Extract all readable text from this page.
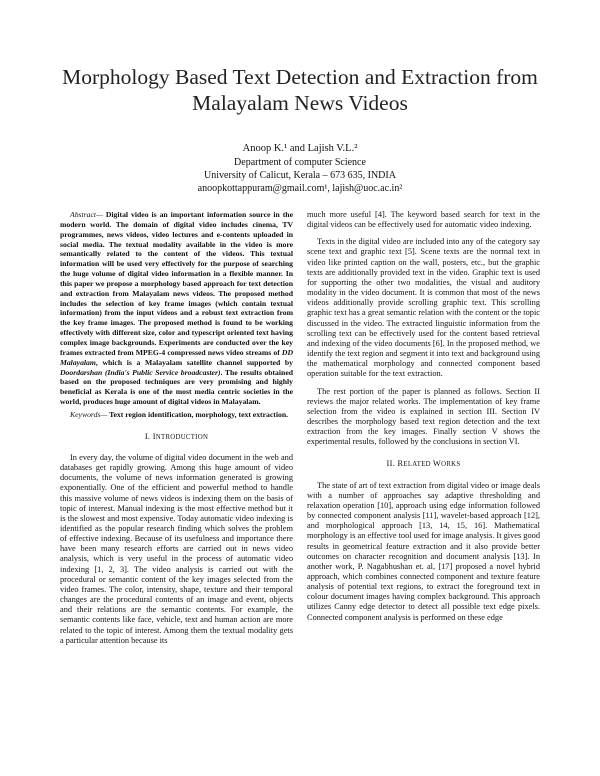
Morphology Based Text Detection and Extraction from Malayalam News Videos
Anoop K.¹ and Lajish V.L.²
Department of computer Science
University of Calicut, Kerala – 673 635, INDIA
anoopkottappuram@gmail.com¹, lajish@uoc.ac.in²

Abstract— Digital video is an important information source in the modern world. The domain of digital video includes cinema, TV programmes, news videos, video lectures and e-contents uploaded in social media. The textual modality available in the video is more semantically related to the content of the videos. This textual information will be used very effectively for the purpose of searching the huge volume of digital video information in a flexible manner. In this paper we propose a morphology based approach for text detection and extraction from Malayalam news videos. The proposed method includes the selection of key frame images (which contain textual information) from the input videos and a robust text extraction from the key frame images. The proposed method is found to be working effectively with different size, color and typescript oriented text having complex image backgrounds. Experiments are conducted over the key frames extracted from MPEG-4 compressed news video streams of DD Malayalam, which is a Malayalam satellite channel supported by Doordarshan (India's Public Service broadcaster). The results obtained based on the proposed techniques are very promising and highly beneficial as Kerala is one of the most media centric societies in the world, produces huge amount of digital videos in Malayalam.

Keywords— Text region identification, morphology, text extraction.

I. INTRODUCTION

In every day, the volume of digital video document in the web and databases get rapidly growing. Among this huge amount of video documents, the volume of news information generated is growing exponentially. One of the efficient and powerful method to handle this massive volume of news videos is indexing them on the basis of topic of interest. Manual indexing is the most effective method but it is the slowest and most expensive. Today automatic video indexing is identified as the popular research finding which solves the problem of effective indexing. Because of its usefulness and importance there have been many research efforts are carried out in news video analysis, which is very useful in the process of automatic video indexing [1, 2, 3]. The video analysis is carried out with the procedural or semantic content of the key images selected from the video frames. The color, intensity, shape, texture and their temporal changes are the procedural contents of an image and event, objects and their relations are the semantic contents. For example, the semantic contents like face, vehicle, text and human action are more related to the topic of interest. Among them the textual modality gets a particular attention because its

much more useful [4]. The keyword based search for text in the digital videos can be effectively used for automatic video indexing.

Texts in the digital video are included into any of the category say scene text and graphic text [5]. Scene texts are the normal text in video like printed caption on the wall, posters, etc., but the graphic texts are additionally provided text in the video. Graphic text is used for supporting the other two modalities, the visual and auditory modality in the video document. It is common that most of the news videos additionally provide scrolling graphic text. This scrolling graphic text has a great semantic relation with the content or the topic discussed in the video. The extracted linguistic information from the scrolling text can be effectively used for the content based retrieval and indexing of the video documents [6]. In the proposed method, we identify the text region and segment it into text and background using the mathematical morphology and connected component based operation suitable for the text extraction.

The rest portion of the paper is planned as follows. Section II reviews the major related works. The implementation of key frame selection from the video is explained in section III. Section IV describes the morphology based text region detection and the text extraction from the key images. Finally section V shows the experimental results, followed by the conclusions in section VI.

II. RELATED WORKS

The state of art of text extraction from digital video or image deals with a number of approaches say adaptive thresholding and relaxation operation [10], approach using edge information followed by connected component analysis [11], wavelet-based approach [12], and morphological approach [13, 14, 15, 16]. Mathematical morphology is an effective tool used for image analysis. It gives good results in geometrical feature extraction and it also provide better outcomes on character recognition and document analysis [13]. In another work, P. Nagabhushan et. al, [17] proposed a novel hybrid approach, which combines connected component and texture feature analysis of potential text regions, to extract the foreground text in colour document images having complex background. This approach utilizes Canny edge detector to detect all possible text edge pixels. Connected component analysis is performed on these edge
